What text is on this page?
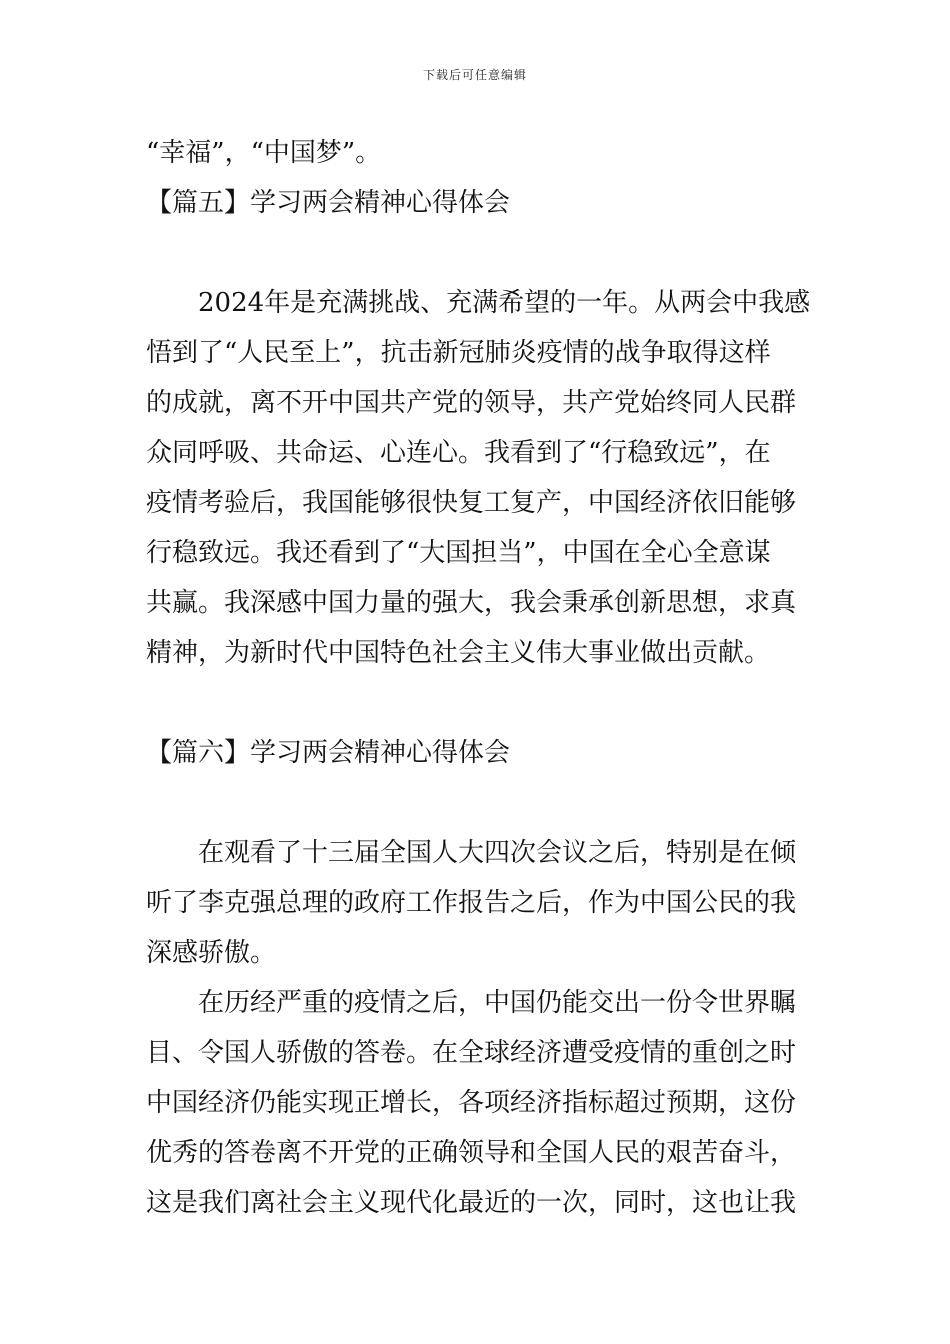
下载后可任意编辑
“幸福”，“中国梦”。
【篇五】学习两会精神心得体会
2024年是充满挑战、充满希望的一年。从两会中我感
悟到了“人民至上”，抗击新冠肺炎疫情的战争取得这样
的成就，离不开中国共产党的领导，共产党始终同人民群
众同呼吸、共命运、心连心。我看到了“行稳致远”，在
疫情考验后，我国能够很快复工复产，中国经济依旧能够
行稳致远。我还看到了“大国担当”，中国在全心全意谋
共赢。我深感中国力量的强大，我会秉承创新思想，求真
精神，为新时代中国特色社会主义伟大事业做出贡献。
【篇六】学习两会精神心得体会
在观看了十三届全国人大四次会议之后，特别是在倾
听了李克强总理的政府工作报告之后，作为中国公民的我
深感骄傲。
在历经严重的疫情之后，中国仍能交出一份令世界瞩
目、令国人骄傲的答卷。在全球经济遭受疫情的重创之时
中国经济仍能实现正增长，各项经济指标超过预期，这份
优秀的答卷离不开党的正确领导和全国人民的艰苦奋斗，
这是我们离社会主义现代化最近的一次，同时，这也让我
